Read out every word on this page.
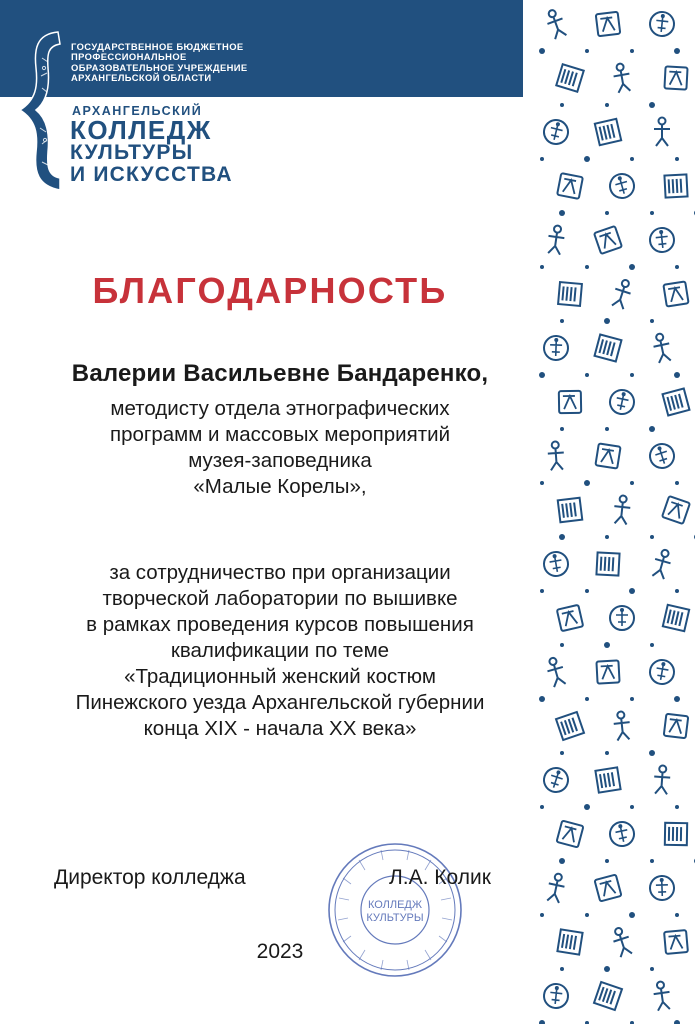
ГОСУДАРСТВЕННОЕ БЮДЖЕТНОЕ
ПРОФЕССИОНАЛЬНОЕ
ОБРАЗОВАТЕЛЬНОЕ УЧРЕЖДЕНИЕ
АРХАНГЕЛЬСКОЙ ОБЛАСТИ
АРХАНГЕЛЬСКИЙ
КОЛЛЕДЖ
КУЛЬТУРЫ
И ИСКУССТВА
БЛАГОДАРНОСТЬ
Валерии Васильевне Бандаренко,
методисту отдела этнографических
программ и массовых мероприятий
музея-заповедника
«Малые Корелы»,
за сотрудничество при организации
творческой лаборатории по вышивке
в рамках проведения курсов повышения
квалификации по теме
«Традиционный женский костюм
Пинежского уезда Архангельской губернии
конца XIX - начала XX века»
КОЛЛЕДЖ
КУЛЬТУРЫ
Директор колледжа	Л.А. Колик
2023
